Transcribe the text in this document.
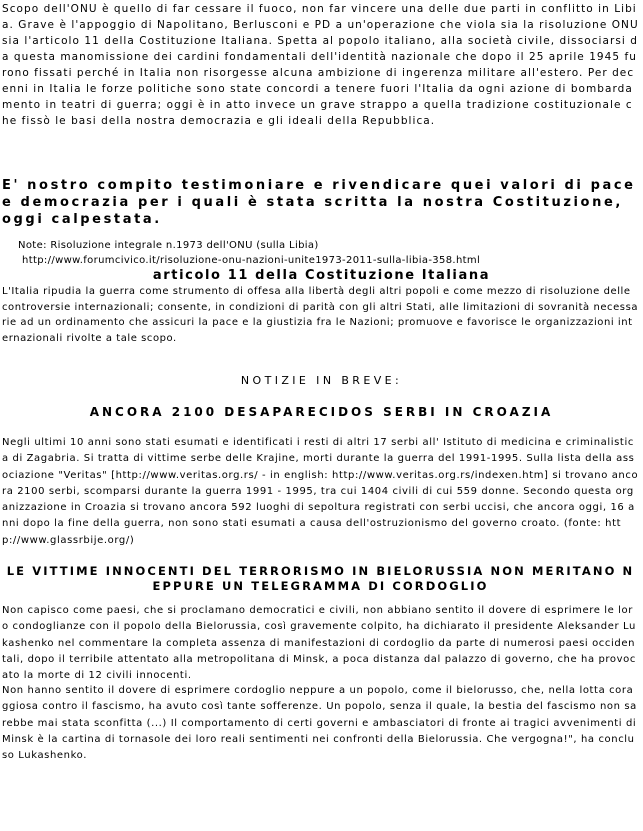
Scopo dell'ONU è quello di far cessare il fuoco, non far vincere una delle due parti in conflitto in Libia. Grave è l'appoggio di Napolitano, Berlusconi e PD a un'operazione che viola sia la risoluzione ONU sia l'articolo 11 della Costituzione Italiana. Spetta al popolo italiano, alla società civile, dissociarsi da questa manomissione dei cardini fondamentali dell'identità nazionale che dopo il 25 aprile 1945 furono fissati perché in Italia non risorgesse alcuna ambizione di ingerenza militare all'estero. Per decenni in Italia le forze politiche sono state concordi a tenere fuori l'Italia da ogni azione di bombardamento in teatri di guerra; oggi è in atto invece un grave strappo a quella tradizione costituzionale che fissò le basi della nostra democrazia e gli ideali della Repubblica.

E' nostro compito testimoniare e rivendicare quei valori di pace e democrazia per i quali è stata scritta la nostra Costituzione, oggi calpestata.

Note: Risoluzione integrale n.1973 dell'ONU (sulla Libia)

http://www.forumcivico.it/risoluzione-onu-nazioni-unite1973-2011-sulla-libia-358.html

articolo 11 della Costituzione Italiana

L'Italia ripudia la guerra come strumento di offesa alla libertà degli altri popoli e come mezzo di risoluzione delle controversie internazionali; consente, in condizioni di parità con gli altri Stati, alle limitazioni di sovranità necessarie ad un ordinamento che assicuri la pace e la giustizia fra le Nazioni; promuove e favorisce le organizzazioni internazionali rivolte a tale scopo.

NOTIZIE IN BREVE:

ANCORA 2100 DESAPARECIDOS SERBI IN CROAZIA

Negli ultimi 10 anni sono stati esumati e identificati i resti di altri 17 serbi all' Istituto di medicina e criminalistica di Zagabria. Si tratta di vittime serbe delle Krajine, morti durante la guerra del 1991-1995. Sulla lista della associazione "Veritas" [http://www.veritas.org.rs/ - in english: http://www.veritas.org.rs/indexen.htm] si trovano ancora 2100 serbi, scomparsi durante la guerra 1991 - 1995, tra cui 1404 civili di cui 559 donne. Secondo questa organizzazione in Croazia si trovano ancora 592 luoghi di sepoltura registrati con serbi uccisi, che ancora oggi, 16 anni dopo la fine della guerra, non sono stati esumati a causa dell'ostruzionismo del governo croato. (fonte: http://www.glassrbije.org/)

LE VITTIME INNOCENTI DEL TERRORISMO IN BIELORUSSIA NON MERITANO NEPPURE UN TELEGRAMMA DI CORDOGLIO

Non capisco come paesi, che si proclamano democratici e civili, non abbiano sentito il dovere di esprimere le loro condoglianze con il popolo della Bielorussia, così gravemente colpito, ha dichiarato il presidente Aleksander Lukashenko nel commentare la completa assenza di manifestazioni di cordoglio da parte di numerosi paesi occidentali, dopo il terribile attentato alla metropolitana di Minsk, a poca distanza dal palazzo di governo, che ha provocato la morte di 12 civili innocenti.

Non hanno sentito il dovere di esprimere cordoglio neppure a un popolo, come il bielorusso, che, nella lotta coraggiosa contro il fascismo, ha avuto così tante sofferenze. Un popolo, senza il quale, la bestia del fascismo non sarebbe mai stata sconfitta (...) Il comportamento di certi governi e ambasciatori di fronte ai tragici avvenimenti di Minsk è la cartina di tornasole dei loro reali sentimenti nei confronti della Bielorussia. Che vergogna!", ha concluso Lukashenko.
